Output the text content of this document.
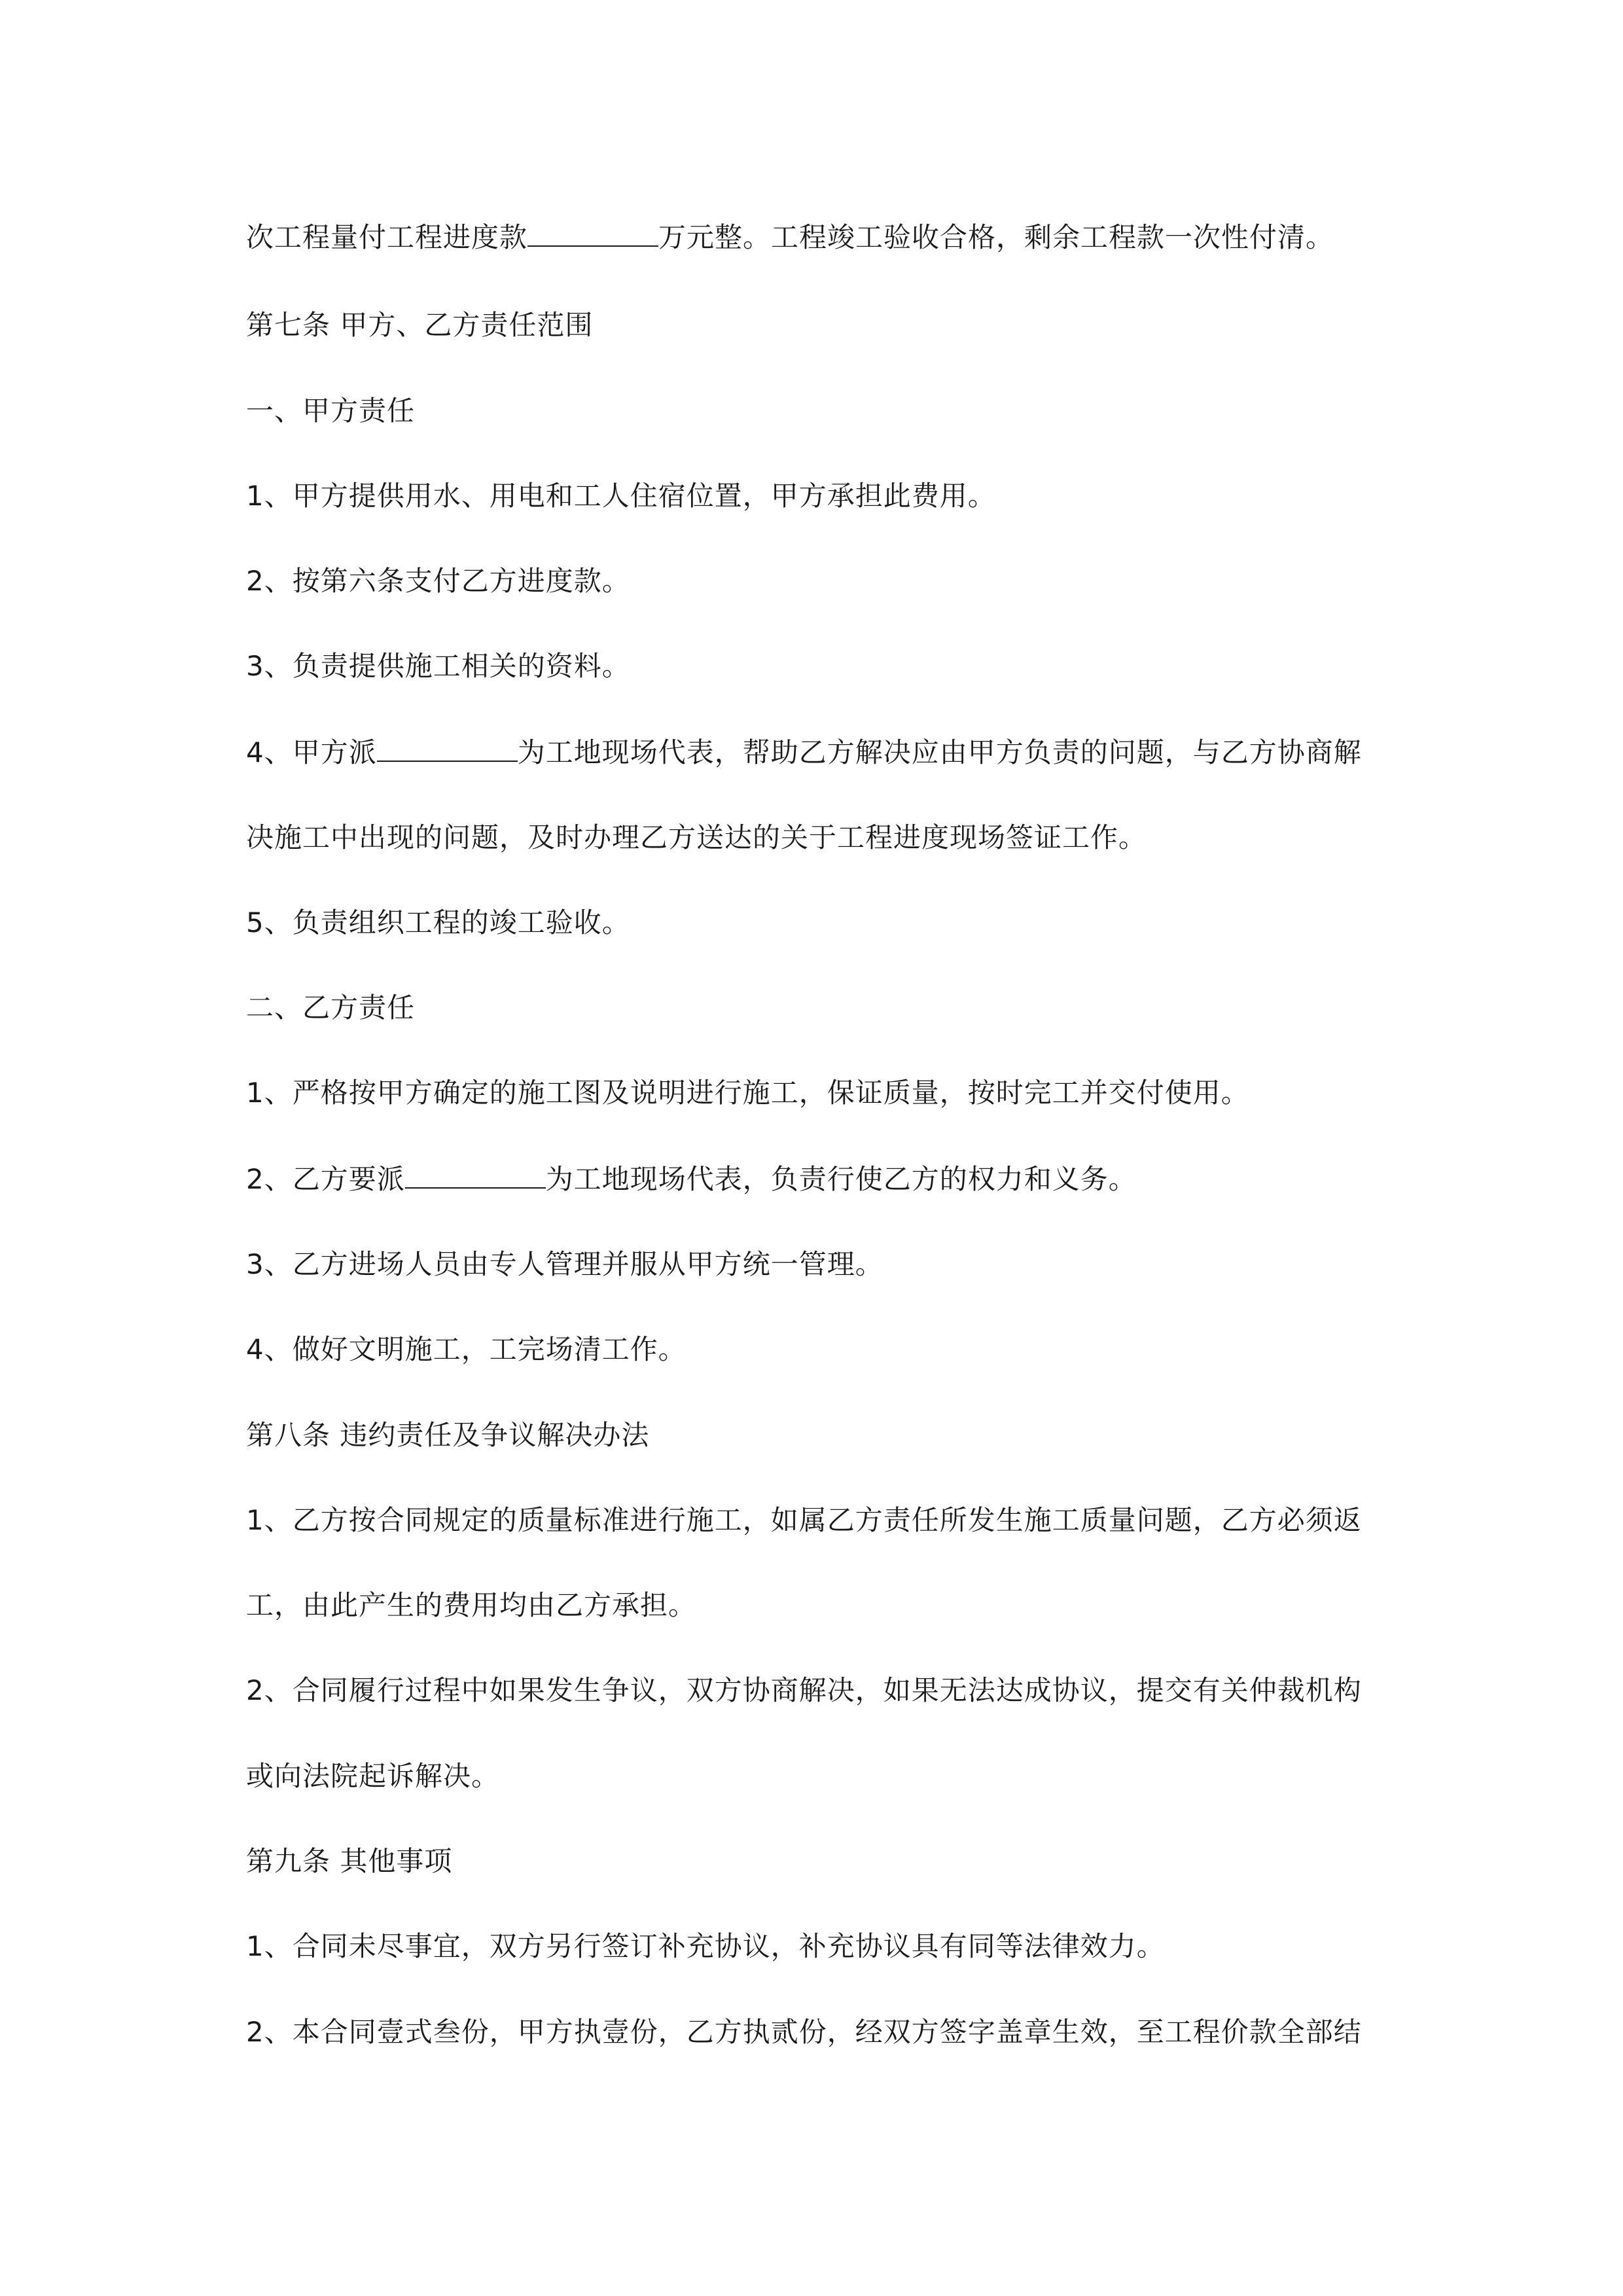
次工程量付工程进度款	万元整。工程竣工验收合格，剩余工程款一次性付清。
第七条 甲方、乙方责任范围
一、甲方责任
1、甲方提供用水、用电和工人住宿位置，甲方承担此费用。
2、按第六条支付乙方进度款。
3、负责提供施工相关的资料。
4、甲方派	为工地现场代表，帮助乙方解决应由甲方负责的问题，与乙方协商解
决施工中出现的问题，及时办理乙方送达的关于工程进度现场签证工作。
5、负责组织工程的竣工验收。
二、乙方责任
1、严格按甲方确定的施工图及说明进行施工，保证质量，按时完工并交付使用。
2、乙方要派	为工地现场代表，负责行使乙方的权力和义务。
3、乙方进场人员由专人管理并服从甲方统一管理。
4、做好文明施工，工完场清工作。
第八条 违约责任及争议解决办法
1、乙方按合同规定的质量标准进行施工，如属乙方责任所发生施工质量问题，乙方必须返
工，由此产生的费用均由乙方承担。
2、合同履行过程中如果发生争议，双方协商解决，如果无法达成协议，提交有关仲裁机构
或向法院起诉解决。
第九条 其他事项
1、合同未尽事宜，双方另行签订补充协议，补充协议具有同等法律效力。
2、本合同壹式叁份，甲方执壹份，乙方执贰份，经双方签字盖章生效，至工程价款全部结
